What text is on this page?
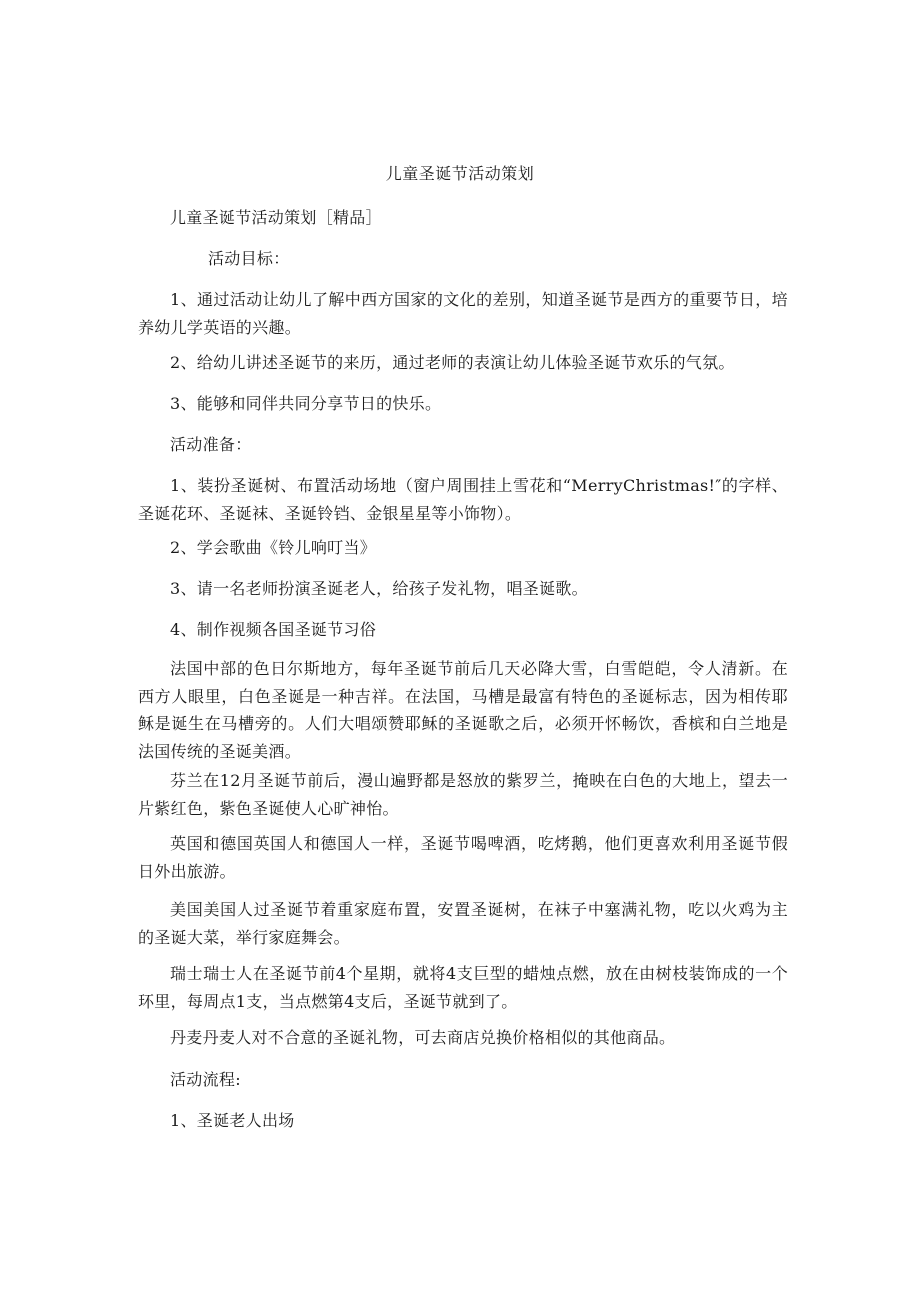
儿童圣诞节活动策划

儿童圣诞节活动策划［精品］

活动目标：

1、通过活动让幼儿了解中西方国家的文化的差别，知道圣诞节是西方的重要节日，培养幼儿学英语的兴趣。

2、给幼儿讲述圣诞节的来历，通过老师的表演让幼儿体验圣诞节欢乐的气氛。

3、能够和同伴共同分享节日的快乐。

活动准备：

1、装扮圣诞树、布置活动场地（窗户周围挂上雪花和“MerryChristmas!″的字样、圣诞花环、圣诞袜、圣诞铃铛、金银星星等小饰物）。

2、学会歌曲《铃儿响叮当》

3、请一名老师扮演圣诞老人，给孩子发礼物，唱圣诞歌。

4、制作视频各国圣诞节习俗

法国中部的色日尔斯地方，每年圣诞节前后几天必降大雪，白雪皑皑，令人清新。在西方人眼里，白色圣诞是一种吉祥。在法国，马槽是最富有特色的圣诞标志，因为相传耶稣是诞生在马槽旁的。人们大唱颂赞耶稣的圣诞歌之后，必须开怀畅饮，香槟和白兰地是法国传统的圣诞美酒。

芬兰在12月圣诞节前后，漫山遍野都是怒放的紫罗兰，掩映在白色的大地上，望去一片紫红色，紫色圣诞使人心旷神怡。

英国和德国英国人和德国人一样，圣诞节喝啤酒，吃烤鹅，他们更喜欢利用圣诞节假日外出旅游。

美国美国人过圣诞节着重家庭布置，安置圣诞树，在袜子中塞满礼物，吃以火鸡为主的圣诞大菜，举行家庭舞会。

瑞士瑞士人在圣诞节前4个星期，就将4支巨型的蜡烛点燃，放在由树枝装饰成的一个环里，每周点1支，当点燃第4支后，圣诞节就到了。

丹麦丹麦人对不合意的圣诞礼物，可去商店兑换价格相似的其他商品。

活动流程:

1、圣诞老人出场
